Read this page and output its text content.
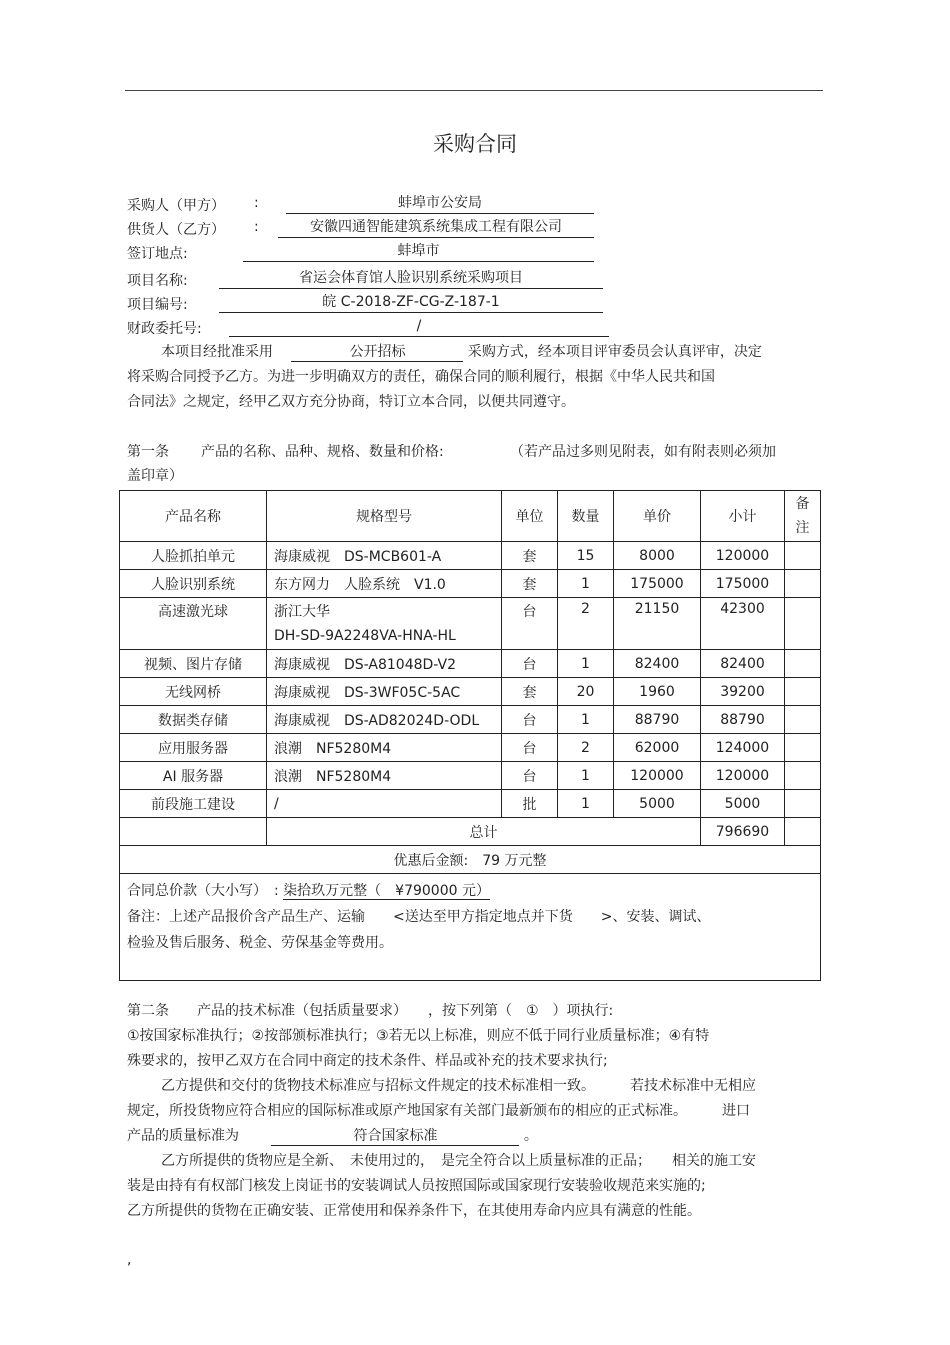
采购合同
采购人（甲方） :	蚌埠市公安局
供货人（乙方） :	安徽四通智能建筑系统集成工程有限公司
签订地点:	蚌埠市
项目名称:	省运会体育馆人脸识别系统采购项目
项目编号:	皖 C-2018-ZF-CG-Z-187-1
财政委托号:	/
本项目经批准采用　	公开招标	采购方式，经本项目评审委员会认真评审，决定
将采购合同授予乙方。为进一步明确双方的责任，确保合同的顺利履行，根据《中华人民共和国
合同法》之规定，经甲乙双方充分协商，特订立本合同，以便共同遵守。
第一条 产品的名称、品种、规格、数量和价格:	（若产品过多则见附表，如有附表则必须加
盖印章）
产品名称	规格型号	单位	数量	单价	小计	备
注
人脸抓拍单元	海康威视　DS-MCB601-A	套	15	8000	120000	
人脸识别系统	东方网力　人脸系统　V1.0	套	1	175000	175000	
高速激光球	浙江大华
DH-SD-9A2248VA-HNA-HL	台	2	21150	42300	
视频、图片存储	海康威视　DS-A81048D-V2	台	1	82400	82400	
无线网桥	海康威视　DS-3WF05C-5AC	套	20	1960	39200	
数据类存储	海康威视　DS-AD82024D-ODL	台	1	88790	88790	
应用服务器	浪潮　NF5280M4	台	2	62000	124000	
AI 服务器	浪潮　NF5280M4	台	1	120000	120000	
前段施工建设	/	批	1	5000	5000	
	总计				796690	
优惠后金额:　79 万元整						
合同总价款（大小写）　: 柒拾玖万元整（　¥790000 元）
备注：上述产品报价含产品生产、运输　　<送达至甲方指定地点并下货　　>、安装、调试、
检验及售后服务、税金、劳保基金等费用。						
第二条　　产品的技术标准（包括质量要求）　　，按下列第（　①　）项执行:
①按国家标准执行；②按部颁标准执行；③若无以上标准，则应不低于同行业质量标准；④有特
殊要求的，按甲乙双方在合同中商定的技术条件、样品或补充的技术要求执行;
乙方提供和交付的货物技术标准应与招标文件规定的技术标准相一致。　　　若技术标准中无相应
规定，所投货物应符合相应的国际标准或原产地国家有关部门最新颁布的相应的正式标准。　　　进口
产品的质量标准为　　	符合国家标准	。
乙方所提供的货物应是全新、　未使用过的，　是完全符合以上质量标准的正品；　　相关的施工安
装是由持有有权部门核发上岗证书的安装调试人员按照国际或国家现行安装验收规范来实施的;
乙方所提供的货物在正确安装、正常使用和保养条件下，在其使用寿命内应具有满意的性能。
,
